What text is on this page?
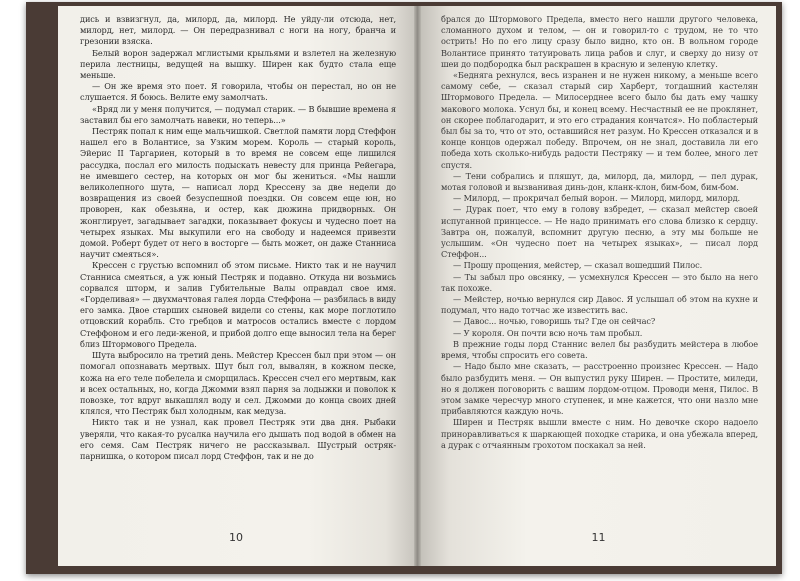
дись и взвизгнул, да, милорд, да, милорд. Не уйду-ли отсюда, нет, милорд, нет, милорд. — Он передразнивал с ноги на ногу, бранча и грезонии взяска.

Белый ворон задержал мглистыми крыльями и взлетел на железную перила лестницы, ведущей на вышку. Ширен как будто стала еще меньше.

— Он же время это поет. Я говорила, чтобы он перестал, но он не слушается. Я боюсь. Велите ему замолчать.

«Вряд ли у меня получится, — подумал старик. — В бывшие времена я заставил бы его замолчать навеки, но теперь...»

Пестряк попал к ним еще мальчишкой. Светлой памяти лорд Стеффон нашел его в Волантисе, за Узким морем. Король — старый король, Эйерис II Таргариен, который в то время не совсем еще лишился рассудка, послал его милость подыскать невесту для принца Рейегара, не имевшего сестер, на которых он мог бы жениться. «Мы нашли великолепного шута, — написал лорд Крессену за две недели до возвращения из своей безуспешной поездки. Он совсем еще юн, но проворен, как обезьяна, и остер, как дюжина придворных. Он жонглирует, загадывает загадки, показывает фокусы и чудесно поет на четырех языках. Мы выкупили его на свободу и надеемся привезти домой. Роберт будет от него в восторге — быть может, он даже Станниса научит смеяться».

Крессен с грустью вспомнил об этом письме. Никто так и не научил Станниса смеяться, а уж юный Пестряк и подавно. Откуда ни возьмись сорвался шторм, и залив Губительные Валы оправдал свое имя. «Горделивая» — двухмачтовая галея лорда Стеффона — разбилась в виду его замка. Двое старших сыновей видели со стены, как море поглотило отцовский корабль. Сто гребцов и матросов остались вместе с лордом Стеффоном и его леди-женой, и прибой долго еще выносил тела на берег близ Штормового Предела.

Шута выбросило на третий день. Мейстер Крессен был при этом — он помогал опознавать мертвых. Шут был гол, вывалян, в кожном песке, кожа на его теле побелела и сморщилась. Крессен счел его мертвым, как и всех остальных, но, когда Джомми взял парня за лодыжки и поволок к повозке, тот вдруг выкашлял воду и сел. Джомми до конца своих дней клялся, что Пестряк был холодным, как медуза.

Никто так и не узнал, как провел Пестряк эти два дня. Рыбаки уверяли, что какая-то русалка научила его дышать под водой в обмен на его семя. Сам Пестряк ничего не рассказывал. Шустрый остряк-парнишка, о котором писал лорд Стеффон, так и не до

10

брался до Штормового Предела, вместо него нашли другого человека, сломанного духом и телом, — он и говорил-то с трудом, не то что острить! Но по его лицу сразу было видно, кто он. В вольном городе Волантисе принято татуировать лица рабов и слуг, и сверху до низу от шеи до подбородка был раскрашен в красную и зеленую клетку.

«Бедняга рехнулся, весь изранен и не нужен никому, а меньше всего самому себе, — сказал старый сир Харберт, тогдашний кастелян Штормового Предела. — Милосерднее всего было бы дать ему чашку макового молока. Уснул бы, и конец всему. Несчастный ее не проклянет, он скорее поблагодарит, и это его страдания кончатся». Но побластерый был бы за то, что от это, оставшийся нет разум. Но Крессен отказался и в конце концов одержал победу. Впрочем, он не знал, доставила ли его победа хоть сколько-нибудь радости Пестряку — и тем более, много лет спустя.

— Тени собрались и пляшут, да, милорд, да, милорд, — пел дурак, мотая головой и вызванивая динь-дон, кланк-клон, бим-бом, бим-бом.

— Милорд, — прокричал белый ворон. — Милорд, милорд, милорд.

— Дурак поет, что ему в голову взбредет, — сказал мейстер своей испуганной принцессе. — Не надо принимать его слова близко к сердцу. Завтра он, пожалуй, вспомнит другую песню, а эту мы больше не услышим. «Он чудесно поет на четырех языках», — писал лорд Стеффон...

— Прошу прощения, мейстер, — сказал вошедший Пилос.

— Ты забыл про овсянку, — усмехнулся Крессен — это было на него так похоже.

— Мейстер, ночью вернулся сир Давос. Я услышал об этом на кухне и подумал, что надо тотчас же известить вас.

— Давос... ночью, говоришь ты? Где он сейчас?

— У короля. Он почти всю ночь там пробыл.

В прежние годы лорд Станнис велел бы разбудить мейстера в любое время, чтобы спросить его совета.

— Надо было мне сказать, — расстроенно произнес Крессен. — Надо было разбудить меня. — Он выпустил руку Ширен. — Простите, миледи, но я должен поговорить с вашим лордом-отцом. Проводи меня, Пилос. В этом замке чересчур много ступенек, и мне кажется, что они назло мне прибавляются каждую ночь.

Ширен и Пестряк вышли вместе с ним. Но девочке скоро надоело приноравливаться к шаркающей походке старика, и она убежала вперед, а дурак с отчаянным грохотом поскакал за ней.

11
